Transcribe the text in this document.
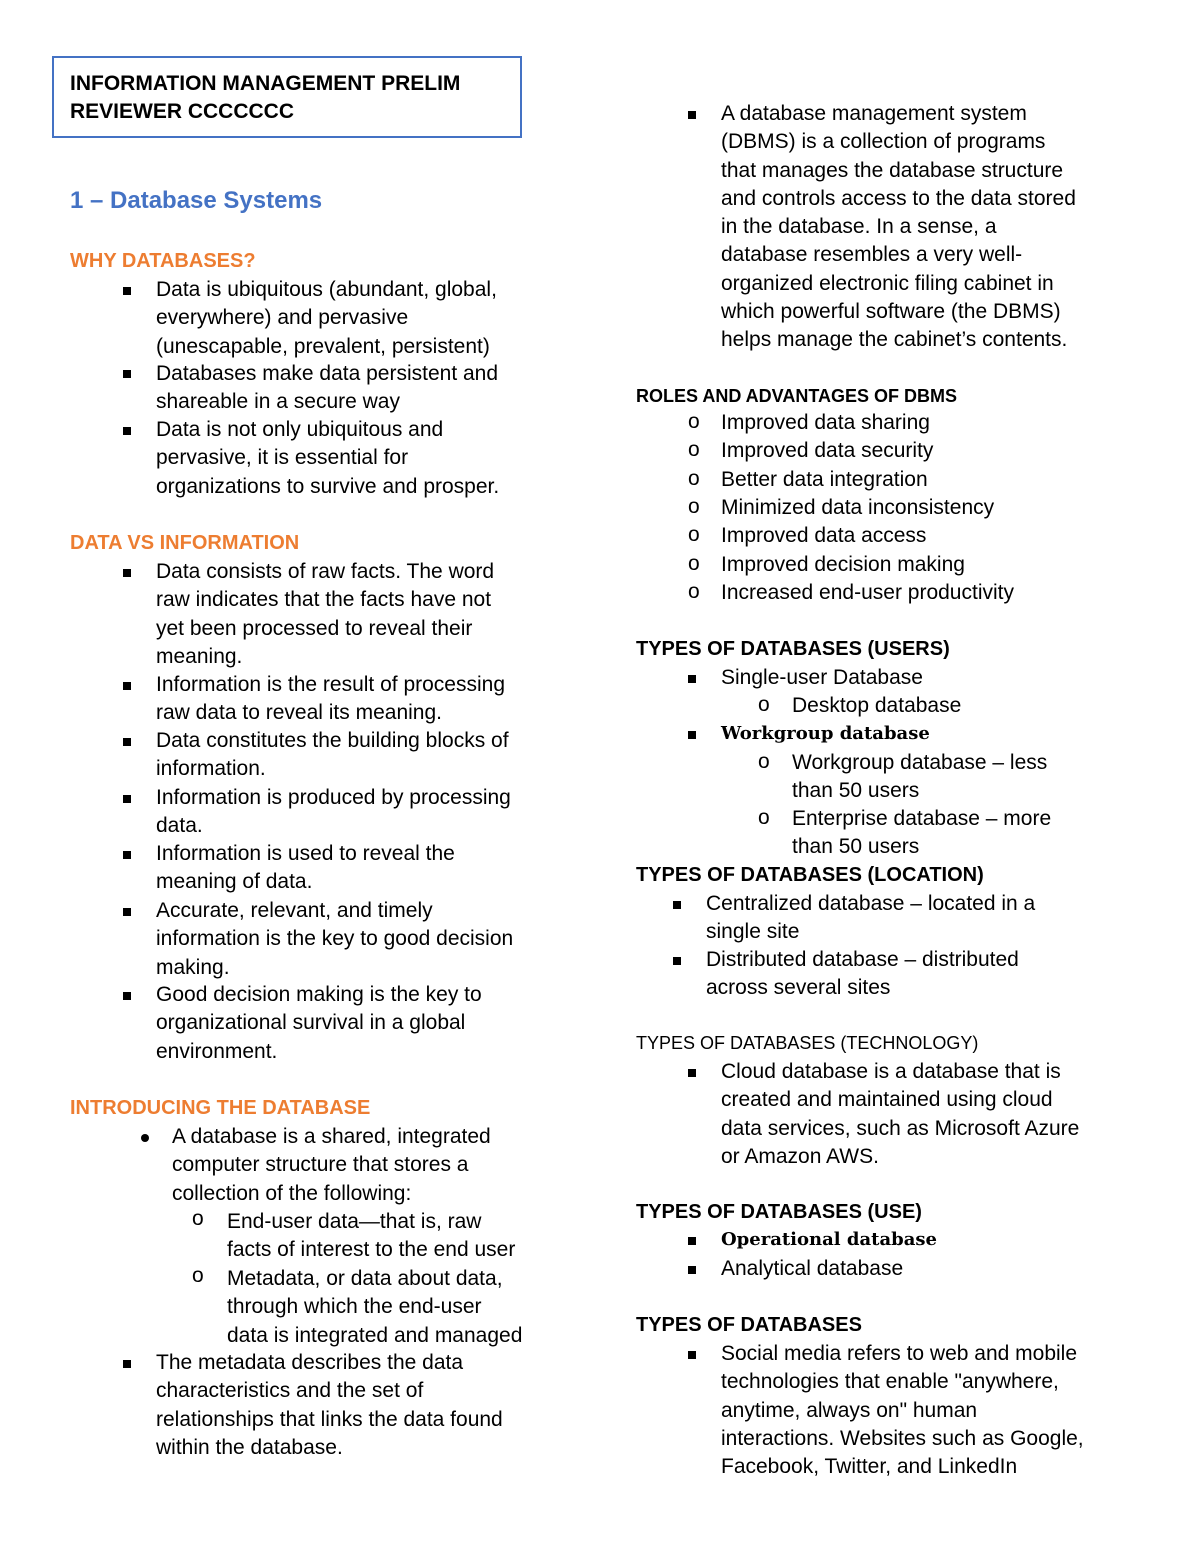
INFORMATION MANAGEMENT PRELIM
REVIEWER CCCCCCC
1 – Database Systems
WHY DATABASES?
Data is ubiquitous (abundant, global,
everywhere) and pervasive
(unescapable, prevalent, persistent)
Databases make data persistent and
shareable in a secure way
Data is not only ubiquitous and
pervasive, it is essential for
organizations to survive and prosper.
DATA VS INFORMATION
Data consists of raw facts. The word
raw indicates that the facts have not
yet been processed to reveal their
meaning.
Information is the result of processing
raw data to reveal its meaning.
Data constitutes the building blocks of
information.
Information is produced by processing
data.
Information is used to reveal the
meaning of data.
Accurate, relevant, and timely
information is the key to good decision
making.
Good decision making is the key to
organizational survival in a global
environment.
INTRODUCING THE DATABASE
A database is a shared, integrated
computer structure that stores a
collection of the following:
o End-user data—that is, raw
facts of interest to the end user
o Metadata, or data about data,
through which the end-user
data is integrated and managed
The metadata describes the data
characteristics and the set of
relationships that links the data found
within the database.
A database management system
(DBMS) is a collection of programs
that manages the database structure
and controls access to the data stored
in the database. In a sense, a
database resembles a very well-
organized electronic filing cabinet in
which powerful software (the DBMS)
helps manage the cabinet’s contents.
ROLES AND ADVANTAGES OF DBMS
o Improved data sharing
o Improved data security
o Better data integration
o Minimized data inconsistency
o Improved data access
o Improved decision making
o Increased end-user productivity
TYPES OF DATABASES (USERS)
Single-user Database
o Desktop database
Workgroup database
o Workgroup database – less
than 50 users
o Enterprise database – more
than 50 users
TYPES OF DATABASES (LOCATION)
Centralized database – located in a
single site
Distributed database – distributed
across several sites
TYPES OF DATABASES (TECHNOLOGY)
Cloud database is a database that is
created and maintained using cloud
data services, such as Microsoft Azure
or Amazon AWS.
TYPES OF DATABASES (USE)
Operational database
Analytical database
TYPES OF DATABASES
Social media refers to web and mobile
technologies that enable "anywhere,
anytime, always on" human
interactions. Websites such as Google,
Facebook, Twitter, and LinkedIn
